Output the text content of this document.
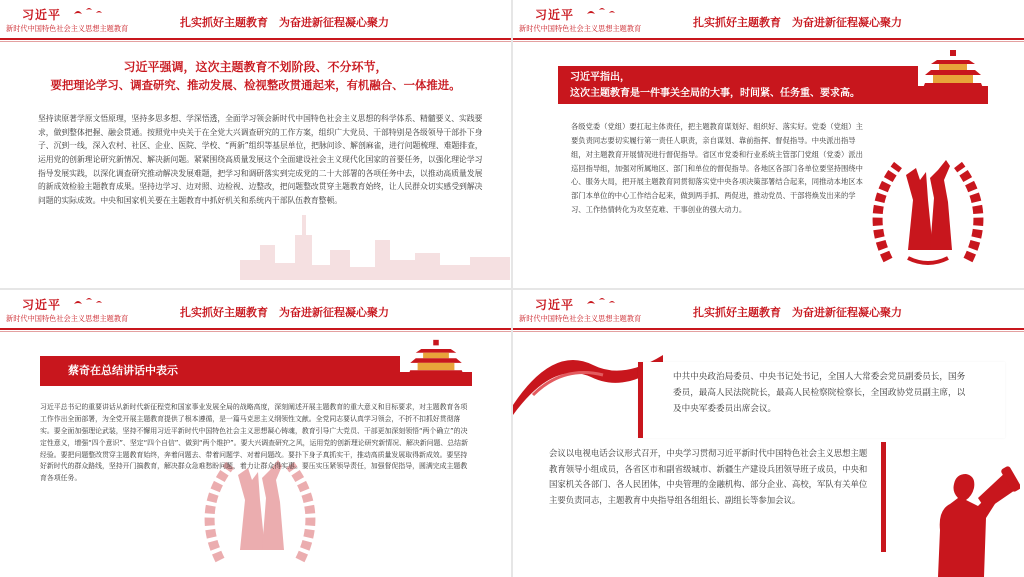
习近平
新时代中国特色社会主义思想主题教育	扎实抓好主题教育　为奋进新征程凝心聚力
习近平强调，这次主题教育不划阶段、不分环节，
要把理论学习、调查研究、推动发展、检视整改贯通起来，有机融合、一体推进。
坚持读原著学原文悟原理，坚持多思多想、学深悟透，全面学习领会新时代中国特色社会主义思想的科学体系、精髓要义、实践要求，做到整体把握、融会贯通。按照党中央关于在全党大兴调查研究的工作方案，组织广大党员、干部特别是各级领导干部扑下身子、沉到一线，深入农村、社区、企业、医院、学校、“两新”组织等基层单位，把脉问诊、解剖麻雀，进行问题梳理、难题排查，运用党的创新理论研究新情况、解决新问题。紧紧围绕高质量发展这个全面建设社会主义现代化国家的首要任务，以强化理论学习指导发展实践，以深化调查研究推动解决发展难题，把学习和调研落实到完成党的二十大部署的各项任务中去，以推动高质量发展的新成效检验主题教育成果。坚持边学习、边对照、边检视、边整改，把问题整改贯穿主题教育始终，让人民群众切实感受到解决问题的实际成效。中央和国家机关要在主题教育中抓好机关和系统内干部队伍教育整顿。
习近平
新时代中国特色社会主义思想主题教育	扎实抓好主题教育　为奋进新征程凝心聚力
习近平指出，
这次主题教育是一件事关全局的大事，时间紧、任务重、要求高。
各级党委（党组）要扛起主体责任，把主题教育谋划好、组织好、落实好。党委（党组）主要负责同志要切实履行第一责任人职责，亲自谋划、靠前指挥、督促指导。中央派出指导组，对主题教育开展情况进行督促指导。省区市党委和行业系统主管部门党组（党委）派出巡回指导组，加强对所属地区、部门和单位的督促指导。各地区各部门各单位要坚持围绕中心、服务大局，把开展主题教育同贯彻落实党中央各项决策部署结合起来，同推动本地区本部门本单位的中心工作结合起来，做到两手抓、两促进，推动党员、干部将焕发出来的学习、工作热情转化为攻坚克难、干事创业的强大动力。
习近平
新时代中国特色社会主义思想主题教育	扎实抓好主题教育　为奋进新征程凝心聚力
蔡奇在总结讲话中表示
习近平总书记的重要讲话从新时代新征程党和国家事业发展全局的战略高度，深刻阐述开展主题教育的重大意义和目标要求，对主题教育各项工作作出全面部署，为全党开展主题教育提供了根本遵循，是一篇马克思主义纲领性文献。全党同志要认真学习领会，不折不扣抓好贯彻落实。要全面加强理论武装，坚持不懈用习近平新时代中国特色社会主义思想凝心铸魂，教育引导广大党员、干部更加深刻领悟“两个确立”的决定性意义，增强“四个意识”、坚定“四个自信”、做到“两个维护”。要大兴调查研究之风，运用党的创新理论研究新情况、解决新问题、总结新经验。要把问题整改贯穿主题教育始终，奔着问题去、带着问题学、对着问题改。要扑下身子真抓实干，推动高质量发展取得新成效。要坚持好新时代的群众路线，坚持开门搞教育，解决群众急难愁盼问题，着力让群众得实惠。要压实压紧领导责任，加强督促指导，圆满完成主题教育各项任务。
习近平
新时代中国特色社会主义思想主题教育	扎实抓好主题教育　为奋进新征程凝心聚力
中共中央政治局委员、中央书记处书记，全国人大常委会党员副委员长，国务委员，最高人民法院院长，最高人民检察院检察长，全国政协党员副主席，以及中央军委委员出席会议。
会议以电视电话会议形式召开，中央学习贯彻习近平新时代中国特色社会主义思想主题教育领导小组成员，各省区市和副省级城市、新疆生产建设兵团领导班子成员，中央和国家机关各部门、各人民团体，中央管理的金融机构、部分企业、高校，军队有关单位主要负责同志，主题教育中央指导组各组组长、副组长等参加会议。
